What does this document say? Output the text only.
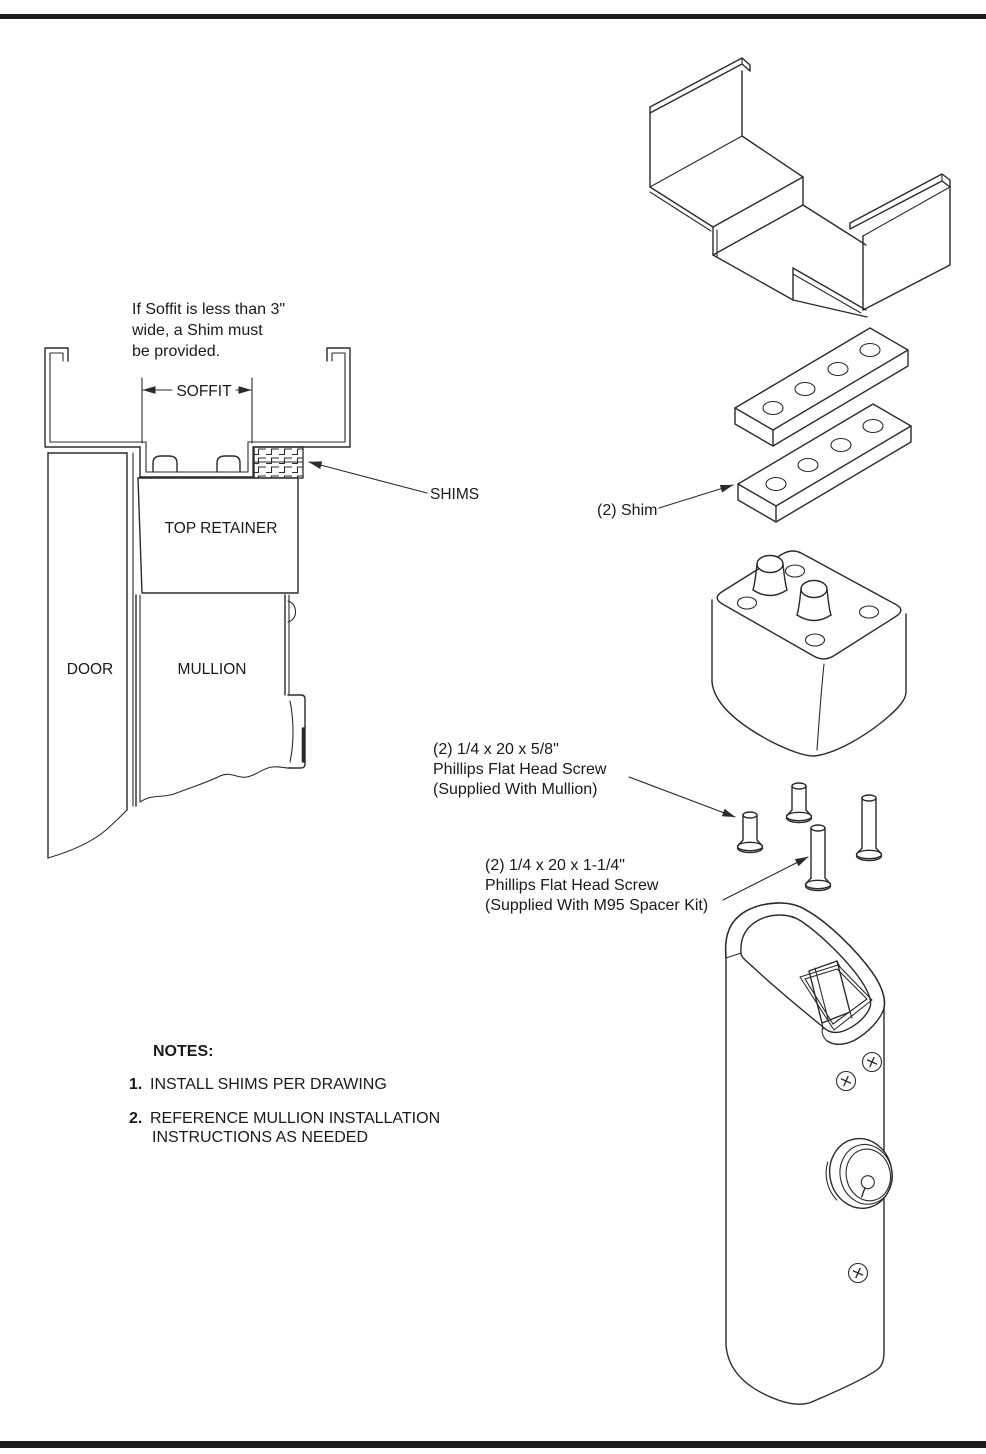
SOFFIT
SHIMS
TOP RETAINER
DOOR	MULLION
If Soffit is less than 3"
wide, a Shim must
be provided.
(2) Shim
(2) 1/4 x 20 x 5/8"
Phillips Flat Head Screw
(Supplied With Mullion)
(2) 1/4 x 20 x 1-1/4"
Phillips Flat Head Screw
(Supplied With M95 Spacer Kit)
NOTES:
1. INSTALL SHIMS PER DRAWING
2. REFERENCE MULLION INSTALLATION
INSTRUCTIONS AS NEEDED
